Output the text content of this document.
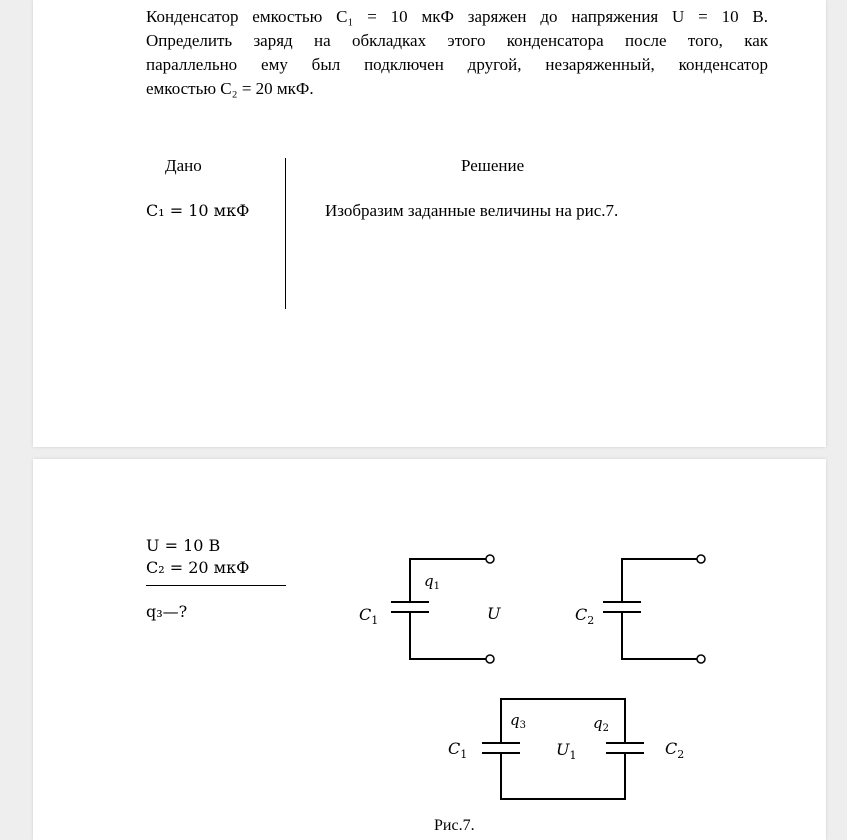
Конденсатор емкостью C₁ = 10 мкФ заряжен до напряжения U = 10 В.
Определить заряд на обкладках этого конденсатора после того, как
параллельно ему был подключен другой, незаряженный, конденсатор
емкостью C₂ = 20 мкФ.
Дано	Решение
C₁ = 10 мкФ	Изобразим заданные величины на рис.7.
U = 10 В
C₂ = 20 мкФ
q₃—?	$C_1$
$q_1$
U	$C_2$
$C_1$
$q_3$
$U_1$
$q_2$
$C_2$
Рис.7.
